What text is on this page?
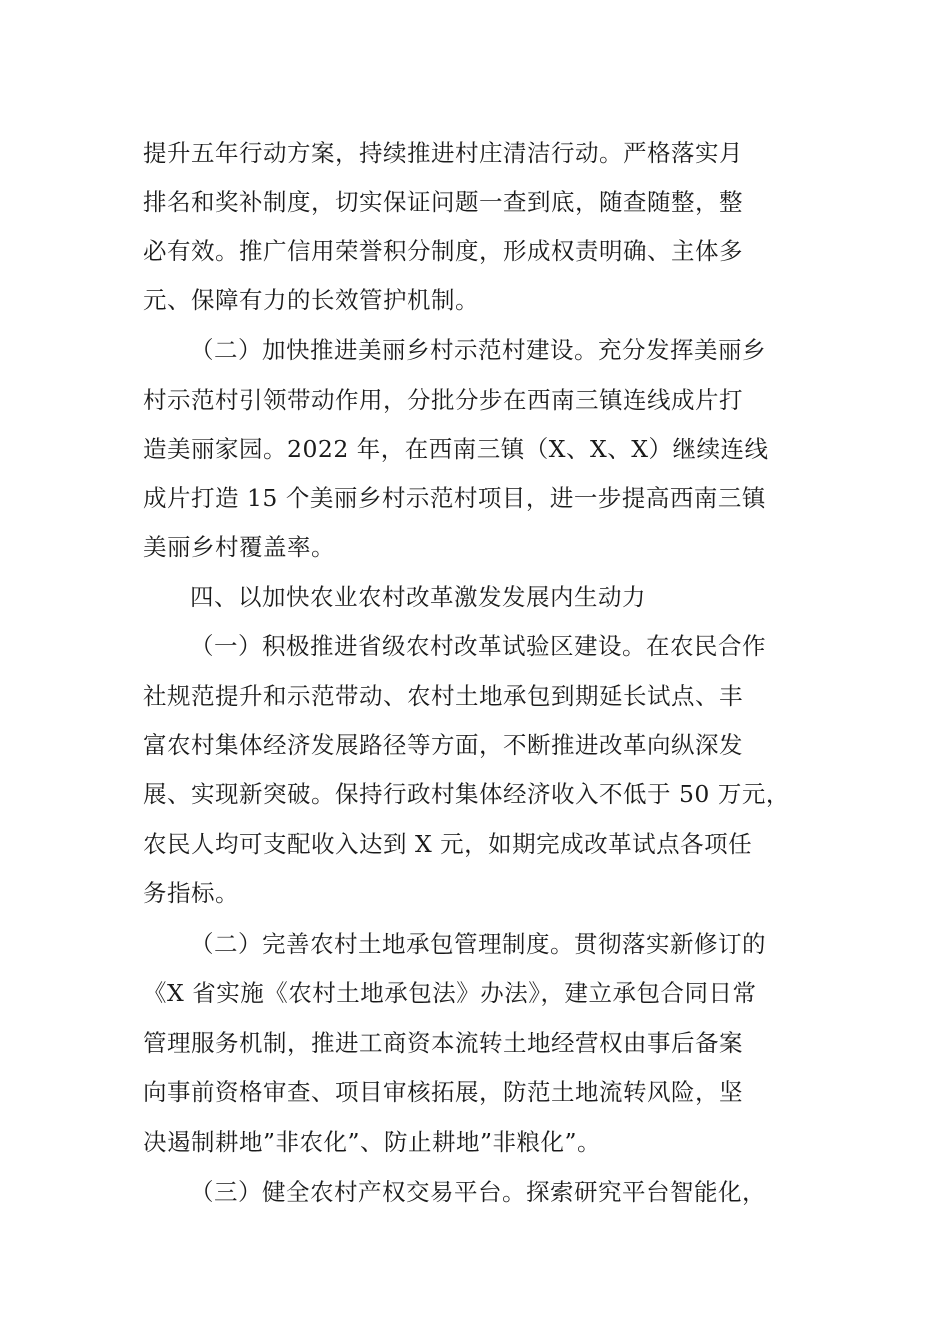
提升五年行动方案，持续推进村庄清洁行动。严格落实月
排名和奖补制度，切实保证问题一查到底，随查随整，整
必有效。推广信用荣誉积分制度，形成权责明确、主体多
元、保障有力的长效管护机制。
（二）加快推进美丽乡村示范村建设。充分发挥美丽乡
村示范村引领带动作用，分批分步在西南三镇连线成片打
造美丽家园。2022 年，在西南三镇（X、X、X）继续连线
成片打造 15 个美丽乡村示范村项目，进一步提高西南三镇
美丽乡村覆盖率。
四、以加快农业农村改革激发发展内生动力
（一）积极推进省级农村改革试验区建设。在农民合作
社规范提升和示范带动、农村土地承包到期延长试点、丰
富农村集体经济发展路径等方面，不断推进改革向纵深发
展、实现新突破。保持行政村集体经济收入不低于 50 万元，
农民人均可支配收入达到 X 元，如期完成改革试点各项任
务指标。
（二）完善农村土地承包管理制度。贯彻落实新修订的
《X 省实施《农村土地承包法》办法》，建立承包合同日常
管理服务机制，推进工商资本流转土地经营权由事后备案
向事前资格审查、项目审核拓展，防范土地流转风险，坚
决遏制耕地”非农化”、防止耕地”非粮化”。
（三）健全农村产权交易平台。探索研究平台智能化，
